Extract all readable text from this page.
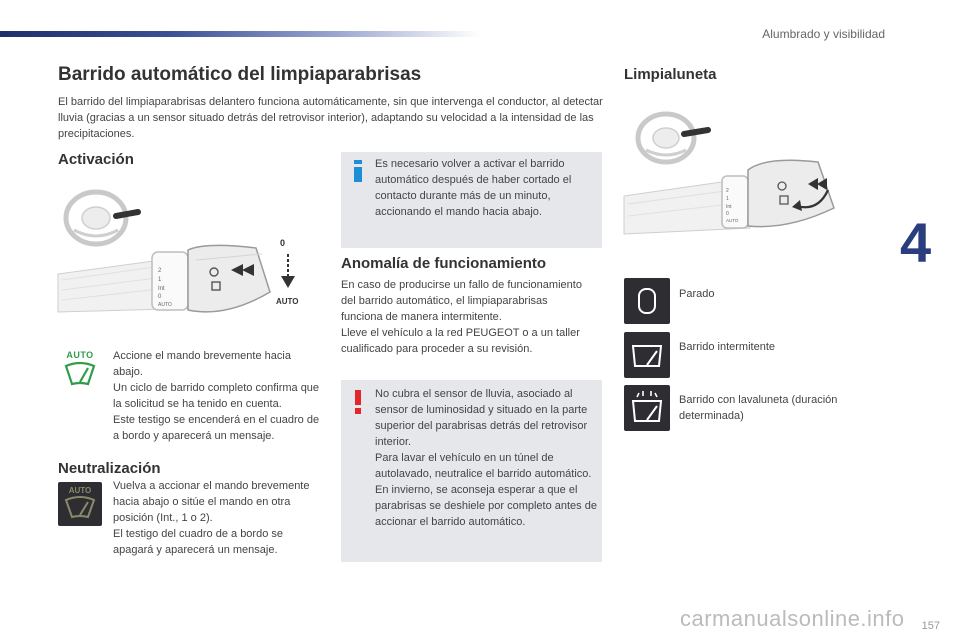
Alumbrado y visibilidad
4
Barrido automático del limpiaparabrisas
El barrido del limpiaparabrisas delantero funciona automáticamente, sin que intervenga el conductor, al detectar lluvia (gracias a un sensor situado detrás del retrovisor interior), adaptando su velocidad a la intensidad de las precipitaciones.
Activación
2
1
Int
0
AUTO
0
AUTO
AUTO	Accione el mando brevemente hacia abajo.
Un ciclo de barrido completo confirma que la solicitud se ha tenido en cuenta.
Este testigo se encenderá en el cuadro de a bordo y aparecerá un mensaje.
Neutralización
AUTO	Vuelva a accionar el mando brevemente hacia abajo o sitúe el mando en otra posición (Int., 1 o 2).
El testigo del cuadro de a bordo se apagará y aparecerá un mensaje.
Es necesario volver a activar el barrido automático después de haber cortado el contacto durante más de un minuto, accionando el mando hacia abajo.
Anomalía de funcionamiento
En caso de producirse un fallo de funcionamiento del barrido automático, el limpiaparabrisas funciona de manera intermitente.
Lleve el vehículo a la red PEUGEOT o a un taller cualificado para proceder a su revisión.
No cubra el sensor de lluvia, asociado al sensor de luminosidad y situado en la parte superior del parabrisas detrás del retrovisor interior.
Para lavar el vehículo en un túnel de autolavado, neutralice el barrido automático.
En invierno, se aconseja esperar a que el parabrisas se deshiele por completo antes de accionar el barrido automático.
Limpialuneta
2
1
Int
0
AUTO
Parado
Barrido intermitente
Barrido con lavaluneta (duración determinada)
157
carmanualsonline.info
